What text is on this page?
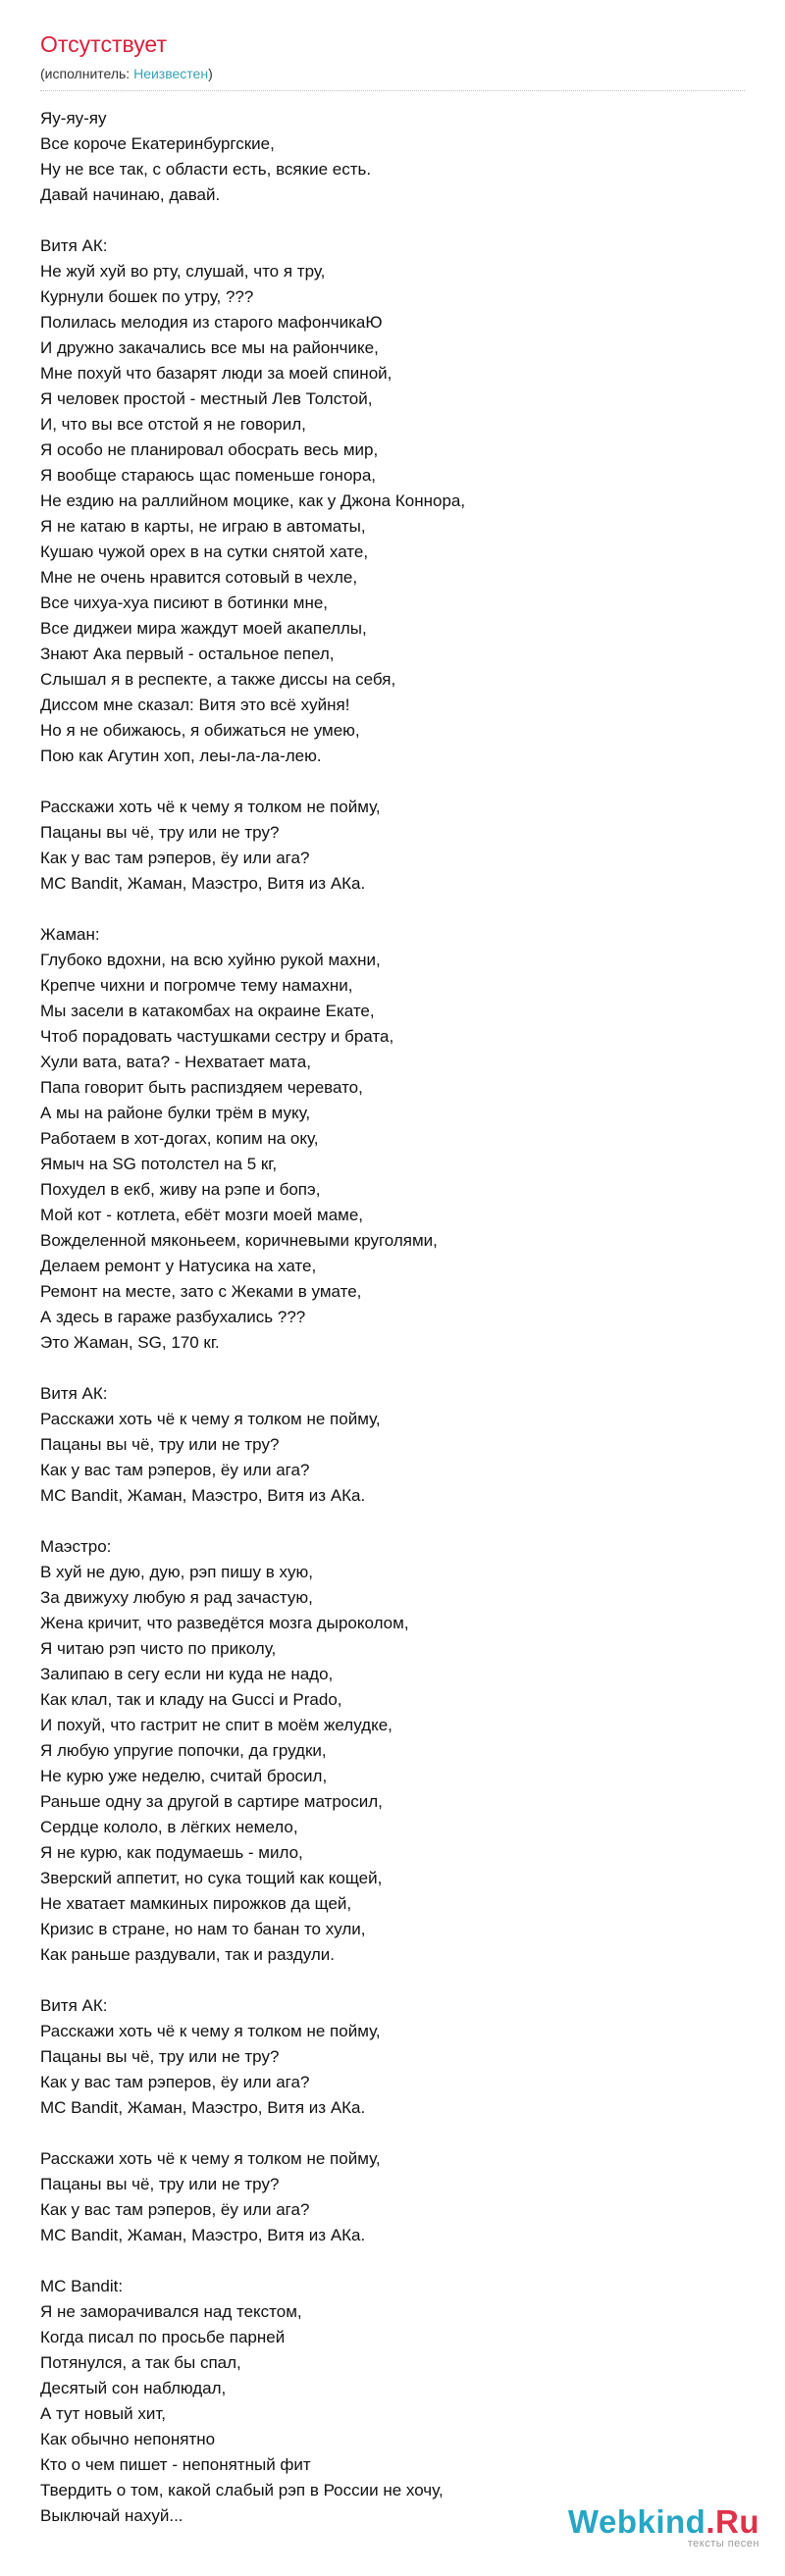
Отсутствует
(исполнитель: Неизвестен)
Яу-яу-яу
Все короче Екатеринбургские,
Ну не все так, с области есть, всякие есть.
Давай начинаю, давай.
Витя АК:
Не жуй хуй во рту, слушай, что я тру,
Курнули бошек по утру, ???
Полилась мелодия из старого мафончикаЮ
И дружно закачались все мы на райончике,
Мне похуй что базарят люди за моей спиной,
Я человек простой - местный Лев Толстой,
И, что вы все отстой я не говорил,
Я особо не планировал обосрать весь мир,
Я вообще стараюсь щас поменьше гонора,
Не ездию на раллийном моцике, как у Джона Коннора,
Я не катаю в карты, не играю в автоматы,
Кушаю чужой орех в на сутки снятой хате,
Мне не очень нравится сотовый в чехле,
Все чихуа-хуа писиют в ботинки мне,
Все диджеи мира жаждут моей акапеллы,
Знают Ака первый - остальное пепел,
Слышал я в респекте, а также диссы на себя,
Диссом мне сказал: Витя это всё хуйня!
Но я не обижаюсь, я обижаться не умею,
Пою как Агутин хоп, леы-ла-ла-лею.
Расскажи хоть чё к чему я толком не пойму,
Пацаны вы чё, тру или не тру?
Как у вас там рэперов, ёу или ага?
MC Bandit, Жаман, Маэстро, Витя из АКа.
Жаман:
Глубоко вдохни, на всю хуйню рукой махни,
Крепче чихни и погромче тему намахни,
Мы засели в катакомбах на окраине Екате,
Чтоб порадовать частушками сестру и брата,
Хули вата, вата? - Нехватает мата,
Папа говорит быть распиздяем черевато,
А мы на районе булки трём в муку,
Работаем в хот-догах, копим на оку,
Ямыч на SG потолстел на 5 кг,
Похудел в екб, живу на рэпе и бопэ,
Мой кот - котлета, ебёт мозги моей маме,
Вожделенной мяконьеем, коричневыми круголями,
Делаем ремонт у Натусика на хате,
Ремонт на месте, зато с Жеками в умате,
А здесь в гараже разбухались ???
Это Жаман, SG, 170 кг.
Витя АК:
Расскажи хоть чё к чему я толком не пойму,
Пацаны вы чё, тру или не тру?
Как у вас там рэперов, ёу или ага?
MC Bandit, Жаман, Маэстро, Витя из АКа.
Маэстро:
В хуй не дую, дую, рэп пишу в хую,
За движуху любую я рад зачастую,
Жена кричит, что разведётся мозга дыроколом,
Я читаю рэп чисто по приколу,
Залипаю в сегу если ни куда не надо,
Как клал, так и кладу на Gucci и Prado,
И похуй, что гастрит не спит в моём желудке,
Я любую упругие попочки, да грудки,
Не курю уже неделю, считай бросил,
Раньше одну за другой в сартире матросил,
Сердце кололо, в лёгких немело,
Я не курю, как подумаешь - мило,
Зверский аппетит, но сука тощий как кощей,
Не хватает мамкиных пирожков да щей,
Кризис в стране, но нам то банан то хули,
Как раньше раздували, так и раздули.
Витя АК:
Расскажи хоть чё к чему я толком не пойму,
Пацаны вы чё, тру или не тру?
Как у вас там рэперов, ёу или ага?
MC Bandit, Жаман, Маэстро, Витя из АКа.
Расскажи хоть чё к чему я толком не пойму,
Пацаны вы чё, тру или не тру?
Как у вас там рэперов, ёу или ага?
MC Bandit, Жаман, Маэстро, Витя из АКа.
MC Bandit:
Я не заморачивался над текстом,
Когда писал по просьбе парней
Потянулся, а так бы спал,
Десятый сон наблюдал,
А тут новый хит,
Как обычно непонятно
Кто о чем пишет - непонятный фит
Твердить о том, какой слабый рэп в России не хочу,
Выключай нахуй...	Webkind.Ru
тексты песен
